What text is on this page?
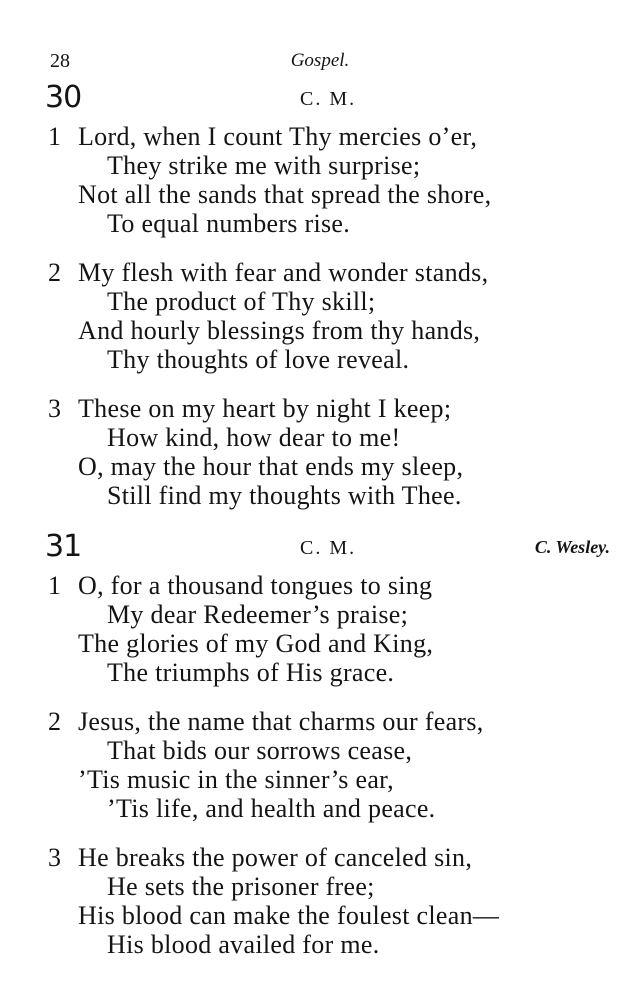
28	Gospel.
30	C. M.
1 Lord, when I count Thy mercies o’er,
They strike me with surprise;
Not all the sands that spread the shore,
To equal numbers rise.
2 My flesh with fear and wonder stands,
The product of Thy skill;
And hourly blessings from thy hands,
Thy thoughts of love reveal.
3 These on my heart by night I keep;
How kind, how dear to me!
O, may the hour that ends my sleep,
Still find my thoughts with Thee.
31	C. M.	C. Wesley.
1 O, for a thousand tongues to sing
My dear Redeemer’s praise;
The glories of my God and King,
The triumphs of His grace.
2 Jesus, the name that charms our fears,
That bids our sorrows cease,
’Tis music in the sinner’s ear,
’Tis life, and health and peace.
3 He breaks the power of canceled sin,
He sets the prisoner free;
His blood can make the foulest clean—
His blood availed for me.
